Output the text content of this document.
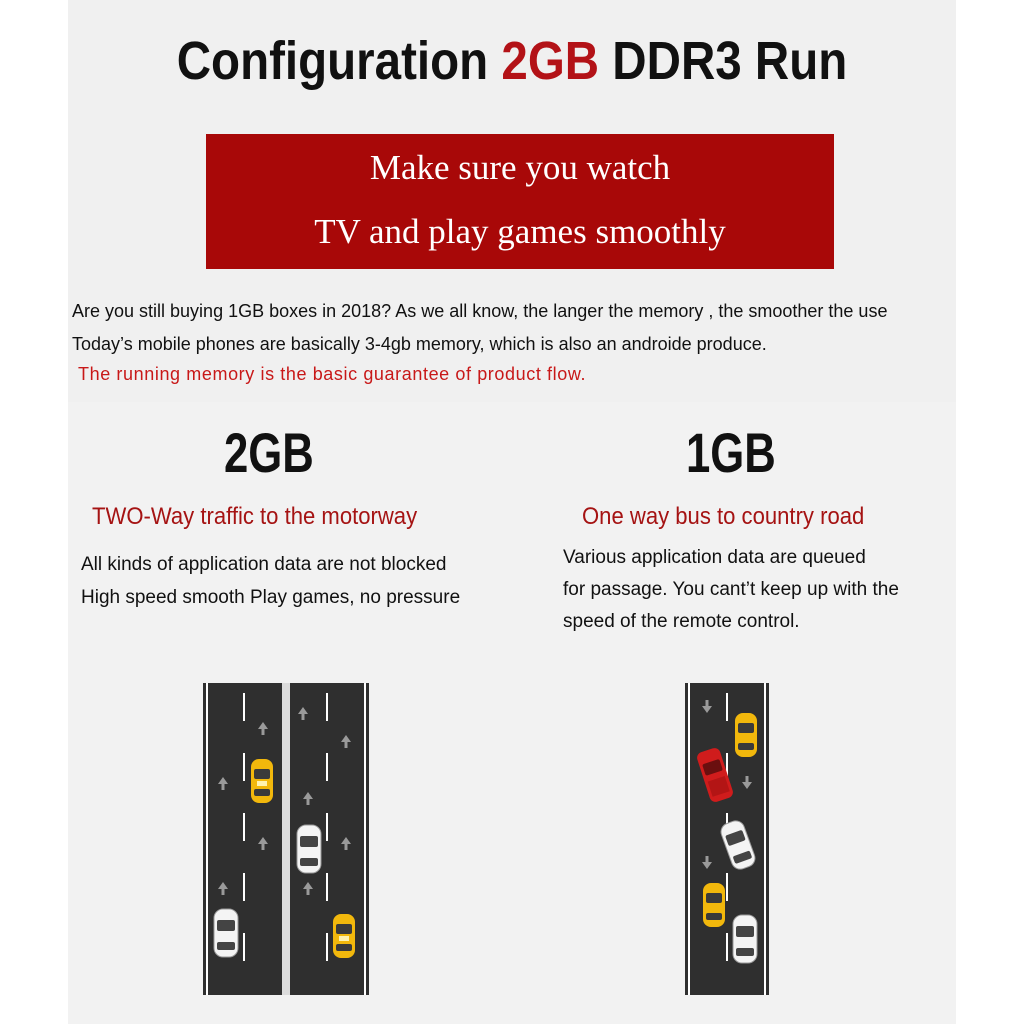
Configuration 2GB DDR3 Run
Make sure you watch
TV and play games smoothly
Are you still buying 1GB boxes in 2018? As we all know, the langer the memory , the smoother the use
Today’s mobile phones are basically 3-4gb memory, which is also an androide produce.
The running memory is the basic guarantee of product flow.
2GB
TWO-Way traffic to the motorway
All kinds of application data are not blocked
High speed smooth Play games, no pressure
1GB
One way bus to country road
Various application data are queued
for passage. You cant’t keep up with the
speed of the remote control.
